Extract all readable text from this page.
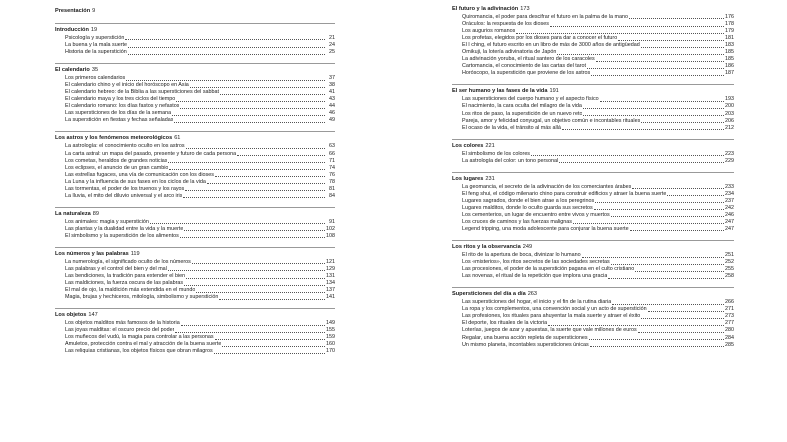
Presentación 9
Introducción 19
Psicología y superstición	21
La buena y la mala suerte	24
Historia de la superstición	25
El calendario 35
Los primeros calendarios	37
El calendario chino y el inicio del horóscopo en Asia	38
El calendario hebreo: de la Biblia a las supersticiones del sabbat	41
El calendario maya y los tres ciclos del tiempo	43
El calendario romano: los días fastos y nefastos	44
Las supersticiones de los días de la semana	46
La superstición en fiestas y fechas señaladas	49
Los astros y los fenómenos meteorológicos 61
La astrología: el conocimiento oculto en los astros	63
La carta astral: un mapa del pasado, presente y futuro de cada persona	66
Los cometas, heraldos de grandes noticias	71
Los eclipses, el anuncio de un gran cambio	74
Las estrellas fugaces, una vía de comunicación con los dioses	76
La Luna y la influencia de sus fases en los ciclos de la vida	78
Las tormentas, el poder de los truenos y los rayos	81
La lluvia, el mito del diluvio universal y el arco iris	84
La naturaleza 89
Los animales: magia y superstición	91
Las plantas y la dualidad entre la vida y la muerte	102
El simbolismo y la superstición de los alimentos	108
Los números y las palabras 119
La numerología, el significado oculto de los números	121
Las palabras y el control del bien y del mal	129
Las bendiciones, la tradición para extender el bien	131
Las maldiciones, la fuerza oscura de las palabras	134
El mal de ojo, la maldición más extendida en el mundo	137
Magia, brujas y hechiceros, mitología, simbolismo y superstición	141
Los objetos 147
Los objetos malditos más famosos de la historia	149
Las joyas malditas: el oscuro precio del poder	155
Los muñecos del vudú, la magia para controlar a las personas	159
Amuletos, protección contra el mal y atracción de la buena suerte	160
Las reliquias cristianas, los objetos físicos que obran milagros	170
El futuro y la adivinación 173
Quiromancia, el poder para descifrar el futuro en la palma de la mano	176
Oráculos: la respuesta de los dioses	178
Los augurios romanos	179
Los profetas, elegidos por los dioses para dar a conocer el futuro	181
El I ching, el futuro escrito en un libro de más de 3000 años de antigüedad	183
Omikuji, la lotería adivinatoria de Japón	185
La adivinación yoruba, el ritual santero de los caracoles	185
Cartomancia, el conocimiento de las cartas del tarot	186
Horóscopo, la superstición que proviene de los astros	187
El ser humano y las fases de la vida 191
Las supersticiones del cuerpo humano y el aspecto físico	193
El nacimiento, la cara oculta del milagro de la vida	200
Los ritos de paso, la superstición de un nuevo reto	203
Pareja, amor y felicidad conyugal, un objetivo común e incontables rituales	206
El ocaso de la vida, el tránsito al más allá	212
Los colores 221
El simbolismo de los colores	223
La astrología del color: un tono personal	229
Los lugares 231
La geomancia, el secreto de la adivinación de los comerciantes árabes	233
El feng shui, el código milenario chino para construir edificios y atraer la buena suerte	234
Lugares sagrados, donde el bien atrae a los peregrinos	237
Lugares malditos, donde lo oculto guarda sus secretos	242
Los cementerios, un lugar de encuentro entre vivos y muertos	246
Los cruces de caminos y las fuerzas malignas	247
Legend tripping, una moda adolescente para conjurar la buena suerte	247
Los ritos y la observancia 249
El rito de la apertura de boca, divinizar lo humano	251
Los «misterios», los ritos secretos de las sociedades secretas	252
Las procesiones, el poder de la superstición pagana en el culto cristiano	255
Las novenas, el ritual de la repetición que implora una gracia	258
Supersticiones del día a día 263
Las supersticiones del hogar, el inicio y el fin de la rutina diaria	266
La ropa y los complementos, una convención social y un acto de superstición	271
Las profesiones, los rituales para ahuyentar la mala suerte y atraer el éxito	273
El deporte, los rituales de la victoria	277
Loterías, juegos de azar y apuestas, la suerte que vale millones de euros	280
Regalar, una buena acción repleta de supersticiones	284
Un mismo planeta, incontables supersticiones únicas	285
